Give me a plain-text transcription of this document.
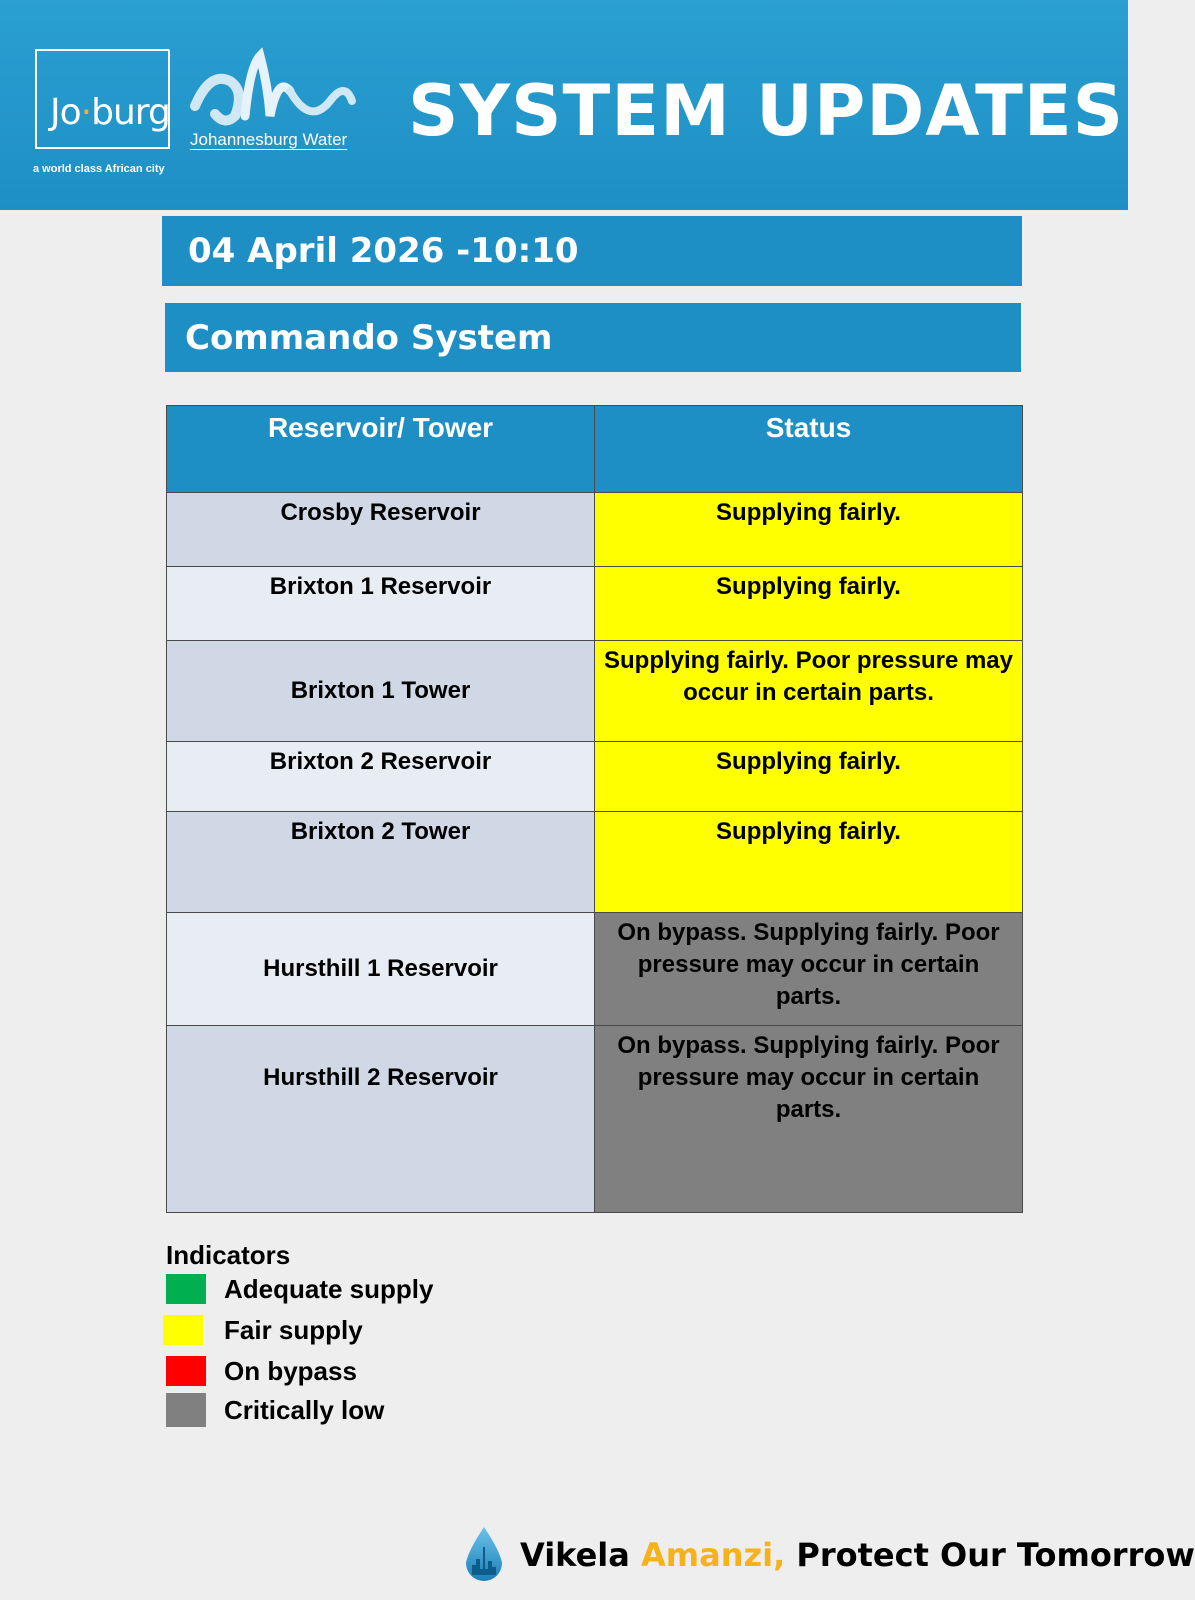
Jo·burg
a world class African city
Johannesburg Water SYSTEM UPDATES
04 April 2026 -10:10
Commando System
Reservoir/ Tower	Status
Crosby Reservoir	Supplying fairly.
Brixton 1 Reservoir	Supplying fairly.
Brixton 1 Tower	Supplying fairly. Poor pressure may occur in certain parts.
Brixton 2 Reservoir	Supplying fairly.
Brixton 2 Tower	Supplying fairly.
Hursthill 1 Reservoir	On bypass. Supplying fairly. Poor pressure may occur in certain parts.
Hursthill 2 Reservoir	On bypass. Supplying fairly. Poor pressure may occur in certain parts.
Indicators
Adequate supply
Fair supply
On bypass
Critically low
Vikela Amanzi, Protect Our Tomorrow
